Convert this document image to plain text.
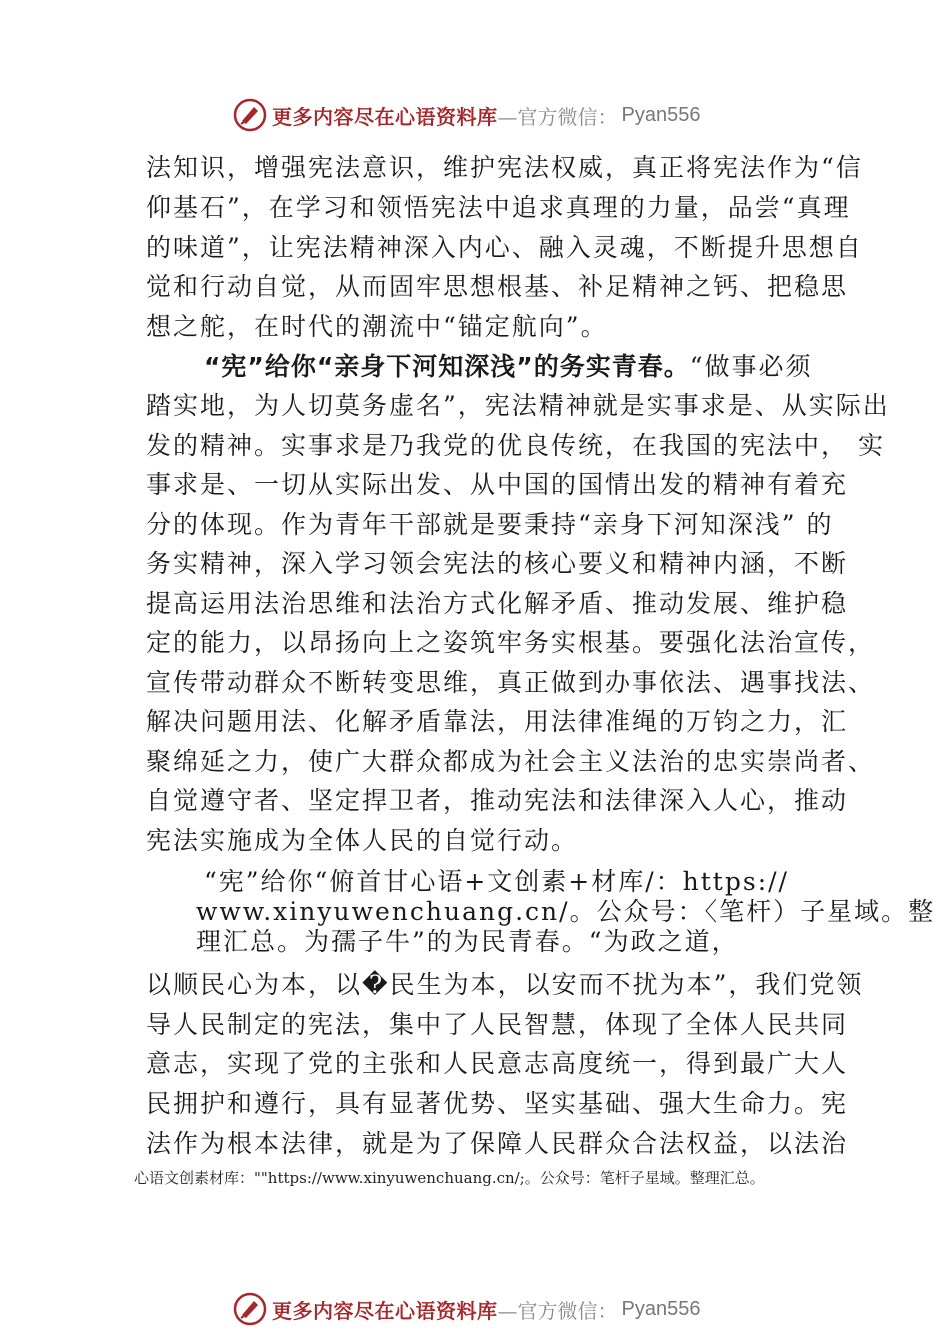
更多内容尽在心语资料库 —官方微信： Pyan556
法知识，增强宪法意识，维护宪法权威，真正将宪法作为“信
仰基石”，在学习和领悟宪法中追求真理的力量，品尝“真理
的味道”，让宪法精神深入内心、融入灵魂，不断提升思想自
觉和行动自觉，从而固牢思想根基、补足精神之钙、把稳思
想之舵，在时代的潮流中“锚定航向”。
“宪”给你“亲身下河知深浅”的务实青春。“做事必须
踏实地，为人切莫务虚名”，宪法精神就是实事求是、从实际出
发的精神。实事求是乃我党的优良传统，在我国的宪法中， 实
事求是、一切从实际出发、从中国的国情出发的精神有着充
分的体现。作为青年干部就是要秉持“亲身下河知深浅” 的
务实精神，深入学习领会宪法的核心要义和精神内涵，不断
提高运用法治思维和法治方式化解矛盾、推动发展、维护稳
定的能力，以昂扬向上之姿筑牢务实根基。要强化法治宣传，
宣传带动群众不断转变思维，真正做到办事依法、遇事找法、
解决问题用法、化解矛盾靠法，用法律准绳的万钧之力，汇
聚绵延之力，使广大群众都成为社会主义法治的忠实崇尚者、
自觉遵守者、坚定捍卫者，推动宪法和法律深入人心，推动
宪法实施成为全体人民的自觉行动。
“宪”给你“俯首甘心语+文创素+材库/：https://
www.xinyuwenchuang.cn/。公众号：〈笔杆）子星域。整
理汇总。为孺子牛”的为民青春。“为政之道，
以顺民心为本，以�民生为本，以安而不扰为本”，我们党领
导人民制定的宪法，集中了人民智慧，体现了全体人民共同
意志，实现了党的主张和人民意志高度统一，得到最广大人
民拥护和遵行，具有显著优势、坚实基础、强大生命力。宪
法作为根本法律，就是为了保障人民群众合法权益，以法治
心语文创素材库：""https://www.xinyuwenchuang.cn/;。公众号：笔杆子星域。整理汇总。
更多内容尽在心语资料库 —官方微信： Pyan556
